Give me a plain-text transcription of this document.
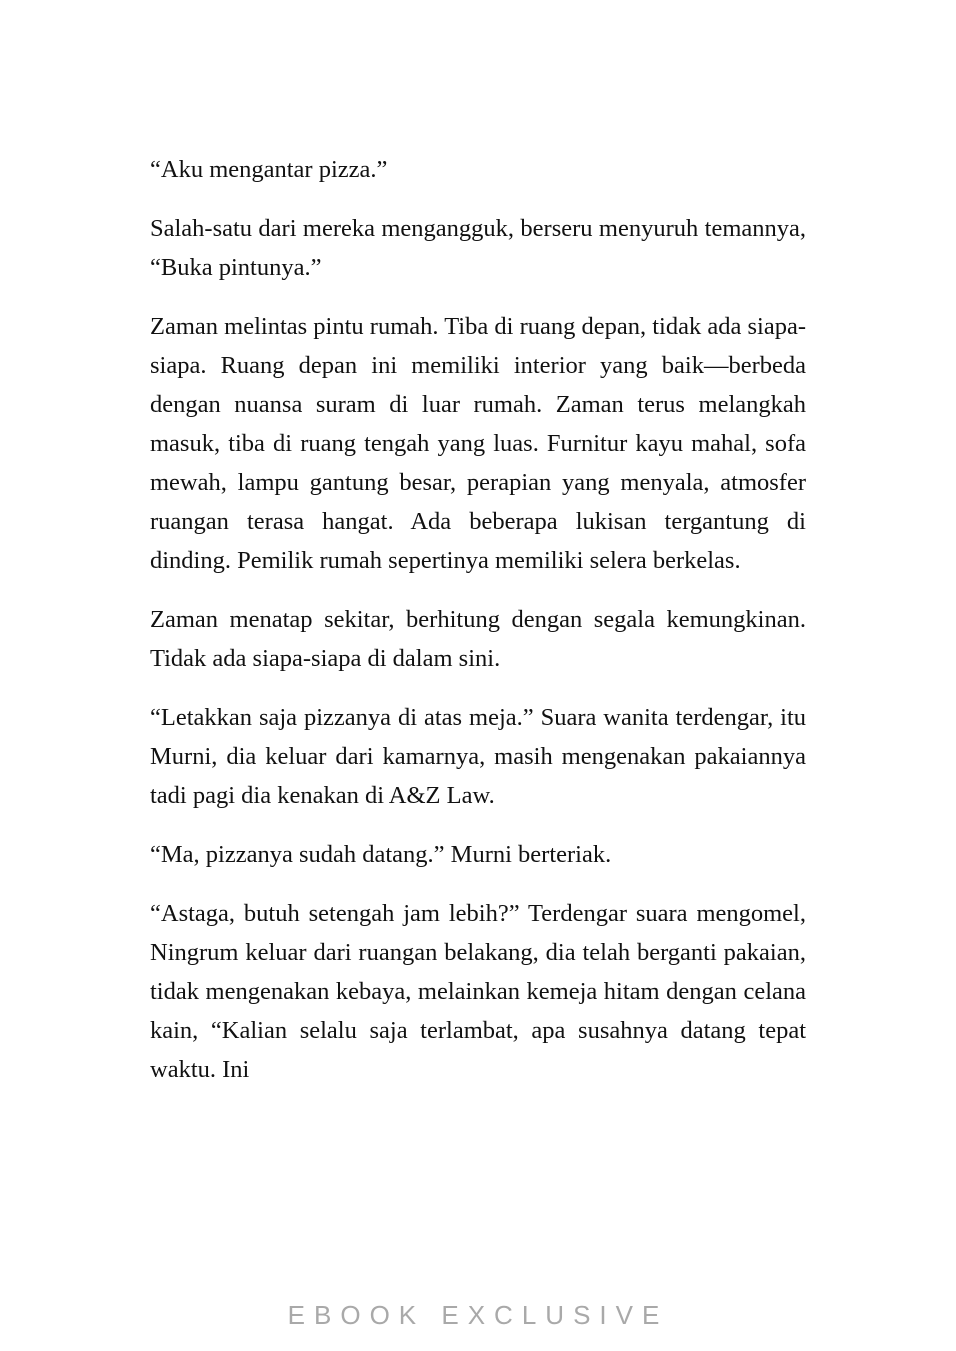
“Aku mengantar pizza.”

Salah-satu dari mereka mengangguk, berseru menyuruh temannya, “Buka pintunya.”

Zaman melintas pintu rumah. Tiba di ruang depan, tidak ada siapa-siapa. Ruang depan ini memiliki interior yang baik—berbeda dengan nuansa suram di luar rumah. Zaman terus melangkah masuk, tiba di ruang tengah yang luas. Furnitur kayu mahal, sofa mewah, lampu gantung besar, perapian yang menyala, atmosfer ruangan terasa hangat. Ada beberapa lukisan tergantung di dinding. Pemilik rumah sepertinya memiliki selera berkelas.

Zaman menatap sekitar, berhitung dengan segala kemungkinan. Tidak ada siapa-siapa di dalam sini.

“Letakkan saja pizzanya di atas meja.” Suara wanita terdengar, itu Murni, dia keluar dari kamarnya, masih mengenakan pakaiannya tadi pagi dia kenakan di A&Z Law.

“Ma, pizzanya sudah datang.” Murni berteriak.

“Astaga, butuh setengah jam lebih?” Terdengar suara mengomel, Ningrum keluar dari ruangan belakang, dia telah berganti pakaian, tidak mengenakan kebaya, melainkan kemeja hitam dengan celana kain, “Kalian selalu saja terlambat, apa susahnya datang tepat waktu. Ini

EBOOK EXCLUSIVE
